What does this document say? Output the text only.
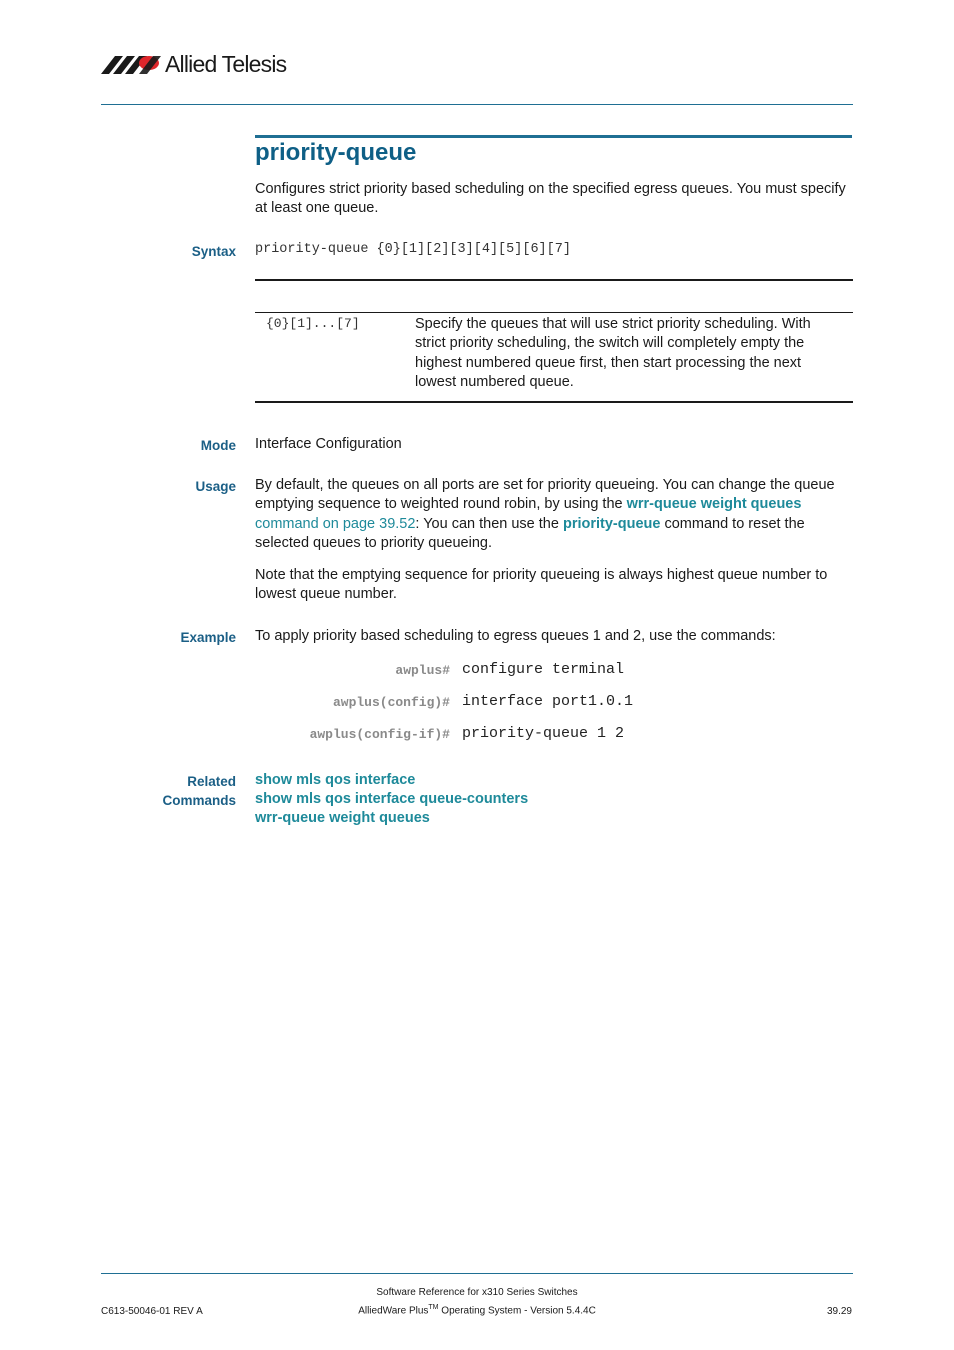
Allied Telesis
priority-queue

Configures strict priority based scheduling on the specified egress queues. You must specify at least one queue.

Syntax priority-queue {0}[1][2][3][4][5][6][7]
{0}[1]...[7]	Specify the queues that will use strict priority scheduling. With strict priority scheduling, the switch will completely empty the highest numbered queue first, then start processing the next lowest numbered queue.

Mode Interface Configuration

Usage By default, the queues on all ports are set for priority queueing. You can change the queue emptying sequence to weighted round robin, by using the wrr-queue weight queues command on page 39.52: You can then use the priority-queue command to reset the selected queues to priority queueing.

Note that the emptying sequence for priority queueing is always highest queue number to lowest queue number.

Example To apply priority based scheduling to egress queues 1 and 2, use the commands:

awplus# configure terminal
awplus(config)# interface port1.0.1
awplus(config-if)# priority-queue 1 2
Related
Commands
show mls qos interface
show mls qos interface queue-counters
wrr-queue weight queues
C613-50046-01 REV A
Software Reference for x310 Series Switches
AlliedWare Plus™ Operating System - Version 5.4.4C	39.29
